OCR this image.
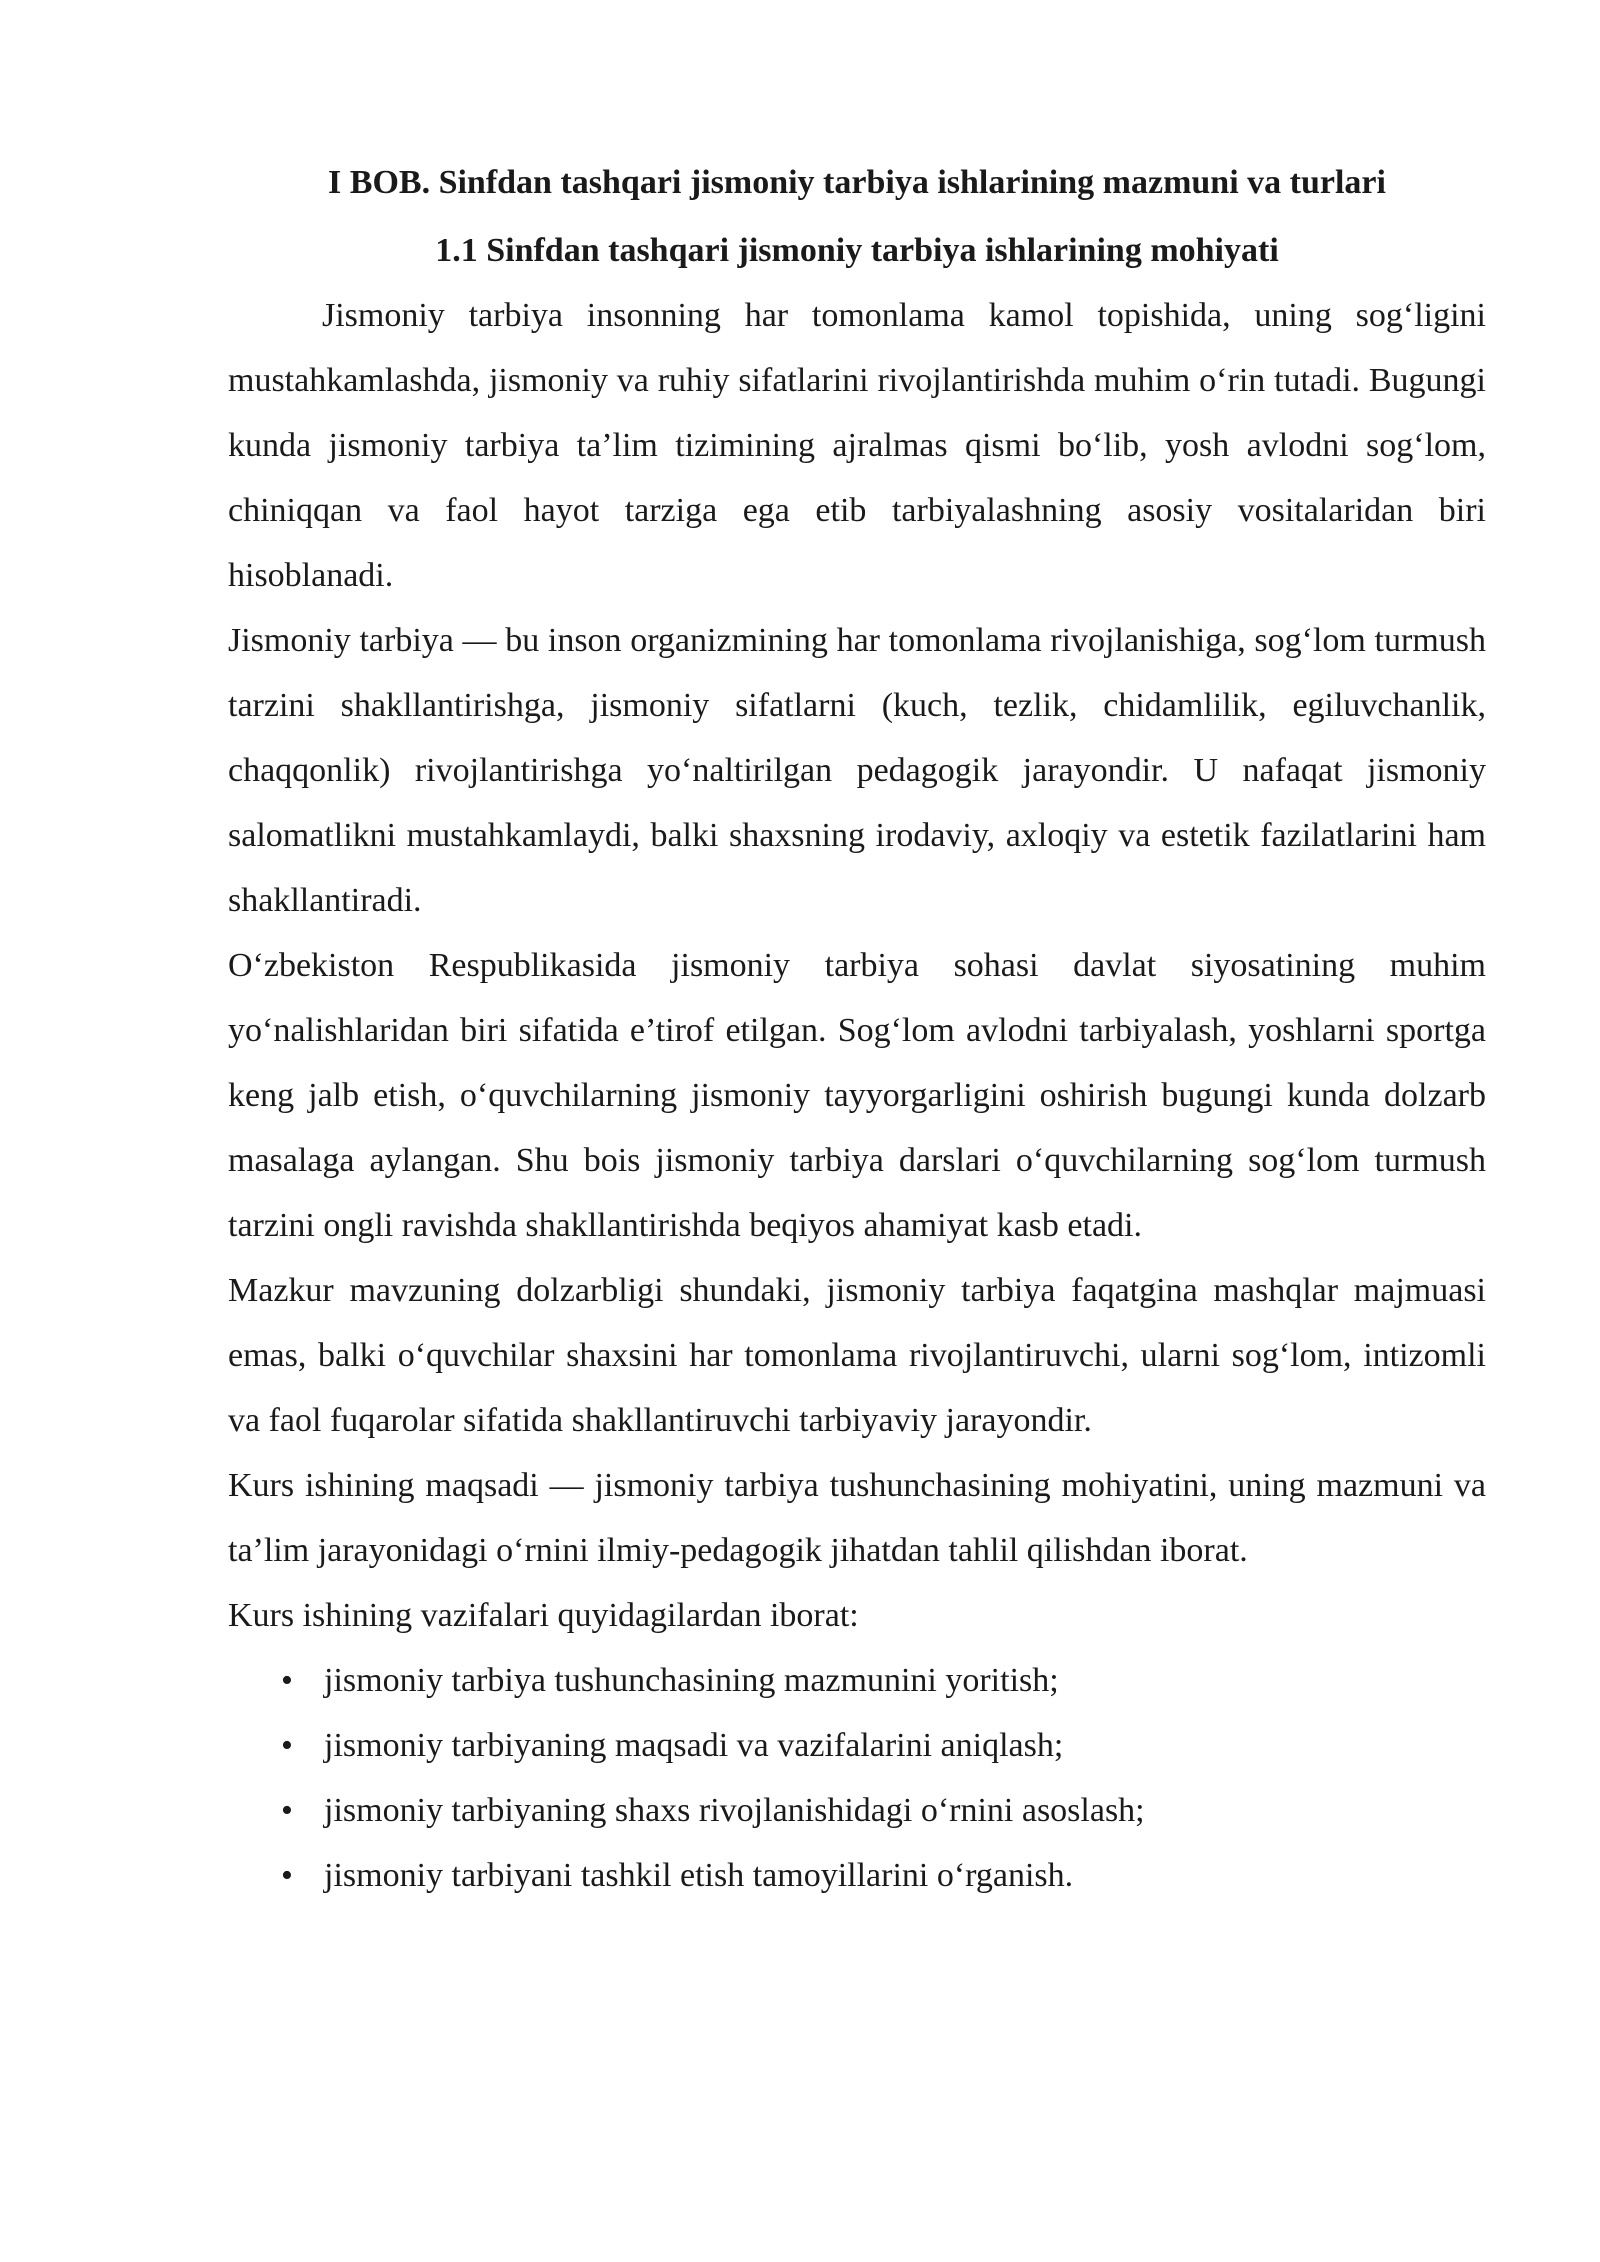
I BOB. Sinfdan tashqari jismoniy tarbiya ishlarining mazmuni va turlari
1.1 Sinfdan tashqari jismoniy tarbiya ishlarining mohiyati

Jismoniy tarbiya insonning har tomonlama kamol topishida, uning sog‘ligini mustahkamlashda, jismoniy va ruhiy sifatlarini rivojlantirishda muhim o‘rin tutadi. Bugungi kunda jismoniy tarbiya ta’lim tizimining ajralmas qismi bo‘lib, yosh avlodni sog‘lom, chiniqqan va faol hayot tarziga ega etib tarbiyalashning asosiy vositalaridan biri hisoblanadi.

Jismoniy tarbiya — bu inson organizmining har tomonlama rivojlanishiga, sog‘lom turmush tarzini shakllantirishga, jismoniy sifatlarni (kuch, tezlik, chidamlilik, egiluvchanlik, chaqqonlik) rivojlantirishga yo‘naltirilgan pedagogik jarayondir. U nafaqat jismoniy salomatlikni mustahkamlaydi, balki shaxsning irodaviy, axloqiy va estetik fazilatlarini ham shakllantiradi.

O‘zbekiston Respublikasida jismoniy tarbiya sohasi davlat siyosatining muhim yo‘nalishlaridan biri sifatida e’tirof etilgan. Sog‘lom avlodni tarbiyalash, yoshlarni sportga keng jalb etish, o‘quvchilarning jismoniy tayyorgarligini oshirish bugungi kunda dolzarb masalaga aylangan. Shu bois jismoniy tarbiya darslari o‘quvchilarning sog‘lom turmush tarzini ongli ravishda shakllantirishda beqiyos ahamiyat kasb etadi.

Mazkur mavzuning dolzarbligi shundaki, jismoniy tarbiya faqatgina mashqlar majmuasi emas, balki o‘quvchilar shaxsini har tomonlama rivojlantiruvchi, ularni sog‘lom, intizomli va faol fuqarolar sifatida shakllantiruvchi tarbiyaviy jarayondir.

Kurs ishining maqsadi — jismoniy tarbiya tushunchasining mohiyatini, uning mazmuni va ta’lim jarayonidagi o‘rnini ilmiy-pedagogik jihatdan tahlil qilishdan iborat.

Kurs ishining vazifalari quyidagilardan iborat:

• jismoniy tarbiya tushunchasining mazmunini yoritish;
• jismoniy tarbiyaning maqsadi va vazifalarini aniqlash;
• jismoniy tarbiyaning shaxs rivojlanishidagi o‘rnini asoslash;
• jismoniy tarbiyani tashkil etish tamoyillarini o‘rganish.
